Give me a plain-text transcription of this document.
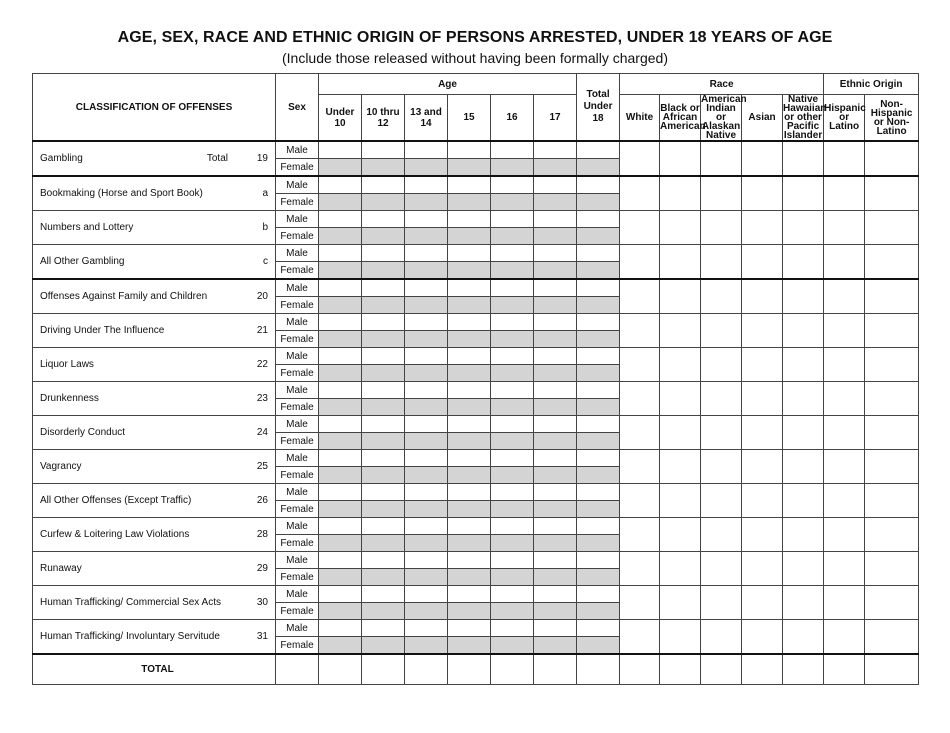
AGE, SEX, RACE AND ETHNIC ORIGIN OF PERSONS ARRESTED, UNDER 18 YEARS OF AGE
(Include those released without having been formally charged)
CLASSIFICATION OF OFFENSES	Sex	Age						Total Under 18	Race					Ethnic Origin	
		Under 10	10 thru 12	13 and 14	15	16	17		White	Black or African American	American Indian or Alaskan Native	Asian	Native Hawaiian or other Pacific Islander	Hispanic or Latino	Non-Hispanic or Non-Latino

Gambling Total 19	Male														
	Female														

Bookmaking (Horse and Sport Book) a	Male														
	Female														

Numbers and Lottery b	Male														
	Female														

All Other Gambling c	Male														
	Female														

Offenses Against Family and Children 20	Male														
	Female														

Driving Under The Influence 21	Male														
	Female														

Liquor Laws 22	Male														
	Female														

Drunkenness 23	Male														
	Female														

Disorderly Conduct 24	Male														
	Female														

Vagrancy 25	Male														
	Female														

All Other Offenses (Except Traffic) 26	Male														
	Female														

Curfew & Loitering Law Violations 28	Male														
	Female														

Runaway 29	Male														
	Female														

Human Trafficking/ Commercial Sex Acts 30	Male														
	Female														

Human Trafficking/ Involuntary Servitude 31	Male														
	Female														
TOTAL															
